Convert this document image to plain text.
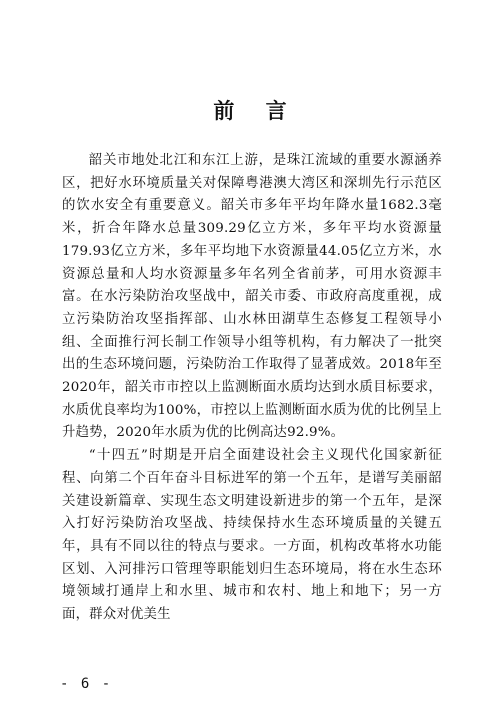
前 言

韶关市地处北江和东江上游，是珠江流域的重要水源涵养区，把好水环境质量关对保障粤港澳大湾区和深圳先行示范区的饮水安全有重要意义。韶关市多年平均年降水量1682.3毫米，折合年降水总量309.29亿立方米，多年平均水资源量179.93亿立方米，多年平均地下水资源量44.05亿立方米，水资源总量和人均水资源量多年名列全省前茅，可用水资源丰富。在水污染防治攻坚战中，韶关市委、市政府高度重视，成立污染防治攻坚指挥部、山水林田湖草生态修复工程领导小组、全面推行河长制工作领导小组等机构，有力解决了一批突出的生态环境问题，污染防治工作取得了显著成效。2018年至2020年，韶关市市控以上监测断面水质均达到水质目标要求，水质优良率均为100%，市控以上监测断面水质为优的比例呈上升趋势，2020年水质为优的比例高达92.9%。

“十四五”时期是开启全面建设社会主义现代化国家新征程、向第二个百年奋斗目标进军的第一个五年，是谱写美丽韶关建设新篇章、实现生态文明建设新进步的第一个五年，是深入打好污染防治攻坚战、持续保持水生态环境质量的关键五年，具有不同以往的特点与要求。一方面，机构改革将水功能区划、入河排污口管理等职能划归生态环境局，将在水生态环境领域打通岸上和水里、城市和农村、地上和地下；另一方面，群众对优美生

- 6 -
